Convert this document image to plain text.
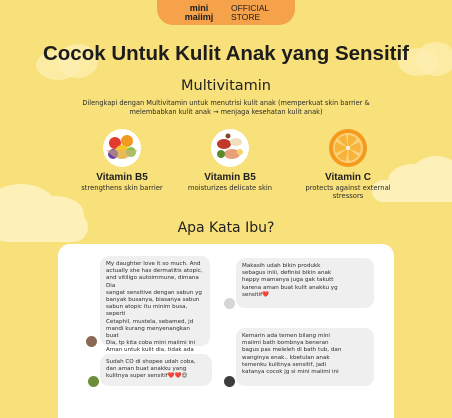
mini
maiimj
OFFICIAL
STORE
Cocok Untuk Kulit Anak yang Sensitif
Multivitamin
Dilengkapi dengan Multivitamin untuk menutrisi kulit anak (memperkuat skin barrier &
melembabkan kulit anak → menjaga kesehatan kulit anak)
Vitamin B5
strengthens skin barrier
Vitamin B5
moisturizes delicate skin
Vitamin C
protects against external
stressors
Apa Kata Ibu?
My daughter love it so much. And
actually she has dermatitis atopic,
and vitiligo autoimmune, dimana Dia
sangat sensitive dengan sabun yg
banyak busanya, biasanya sabun
sabun atopic itu minim busa, seperti
Cetaphil, mustela, sebamed, jd
mandi kurang menyenangkan buat
Dia, tp kita coba mini maiimi ini
Aman untuk kulit dia, tidak ada
Makasih udah bikin produkk
sebagus iniii, definisi bikin anak
happy mamanya juga gak takutt
karena aman buat kulit anakku yg
sensitif❤️
Sudah CO di shopee udah coba,
dan aman buat anakku yang
kulitnya super sensitif❤️❤️😍
Kemarin ada temen bilang mini
maiimi bath bombnya beneran
bagus pas meleleh di bath tub, dan
wanginya enak.. kbetulan anak
temenku kulitnya sensitif, jadi
katanya cocok jg si mini maiimi ini
